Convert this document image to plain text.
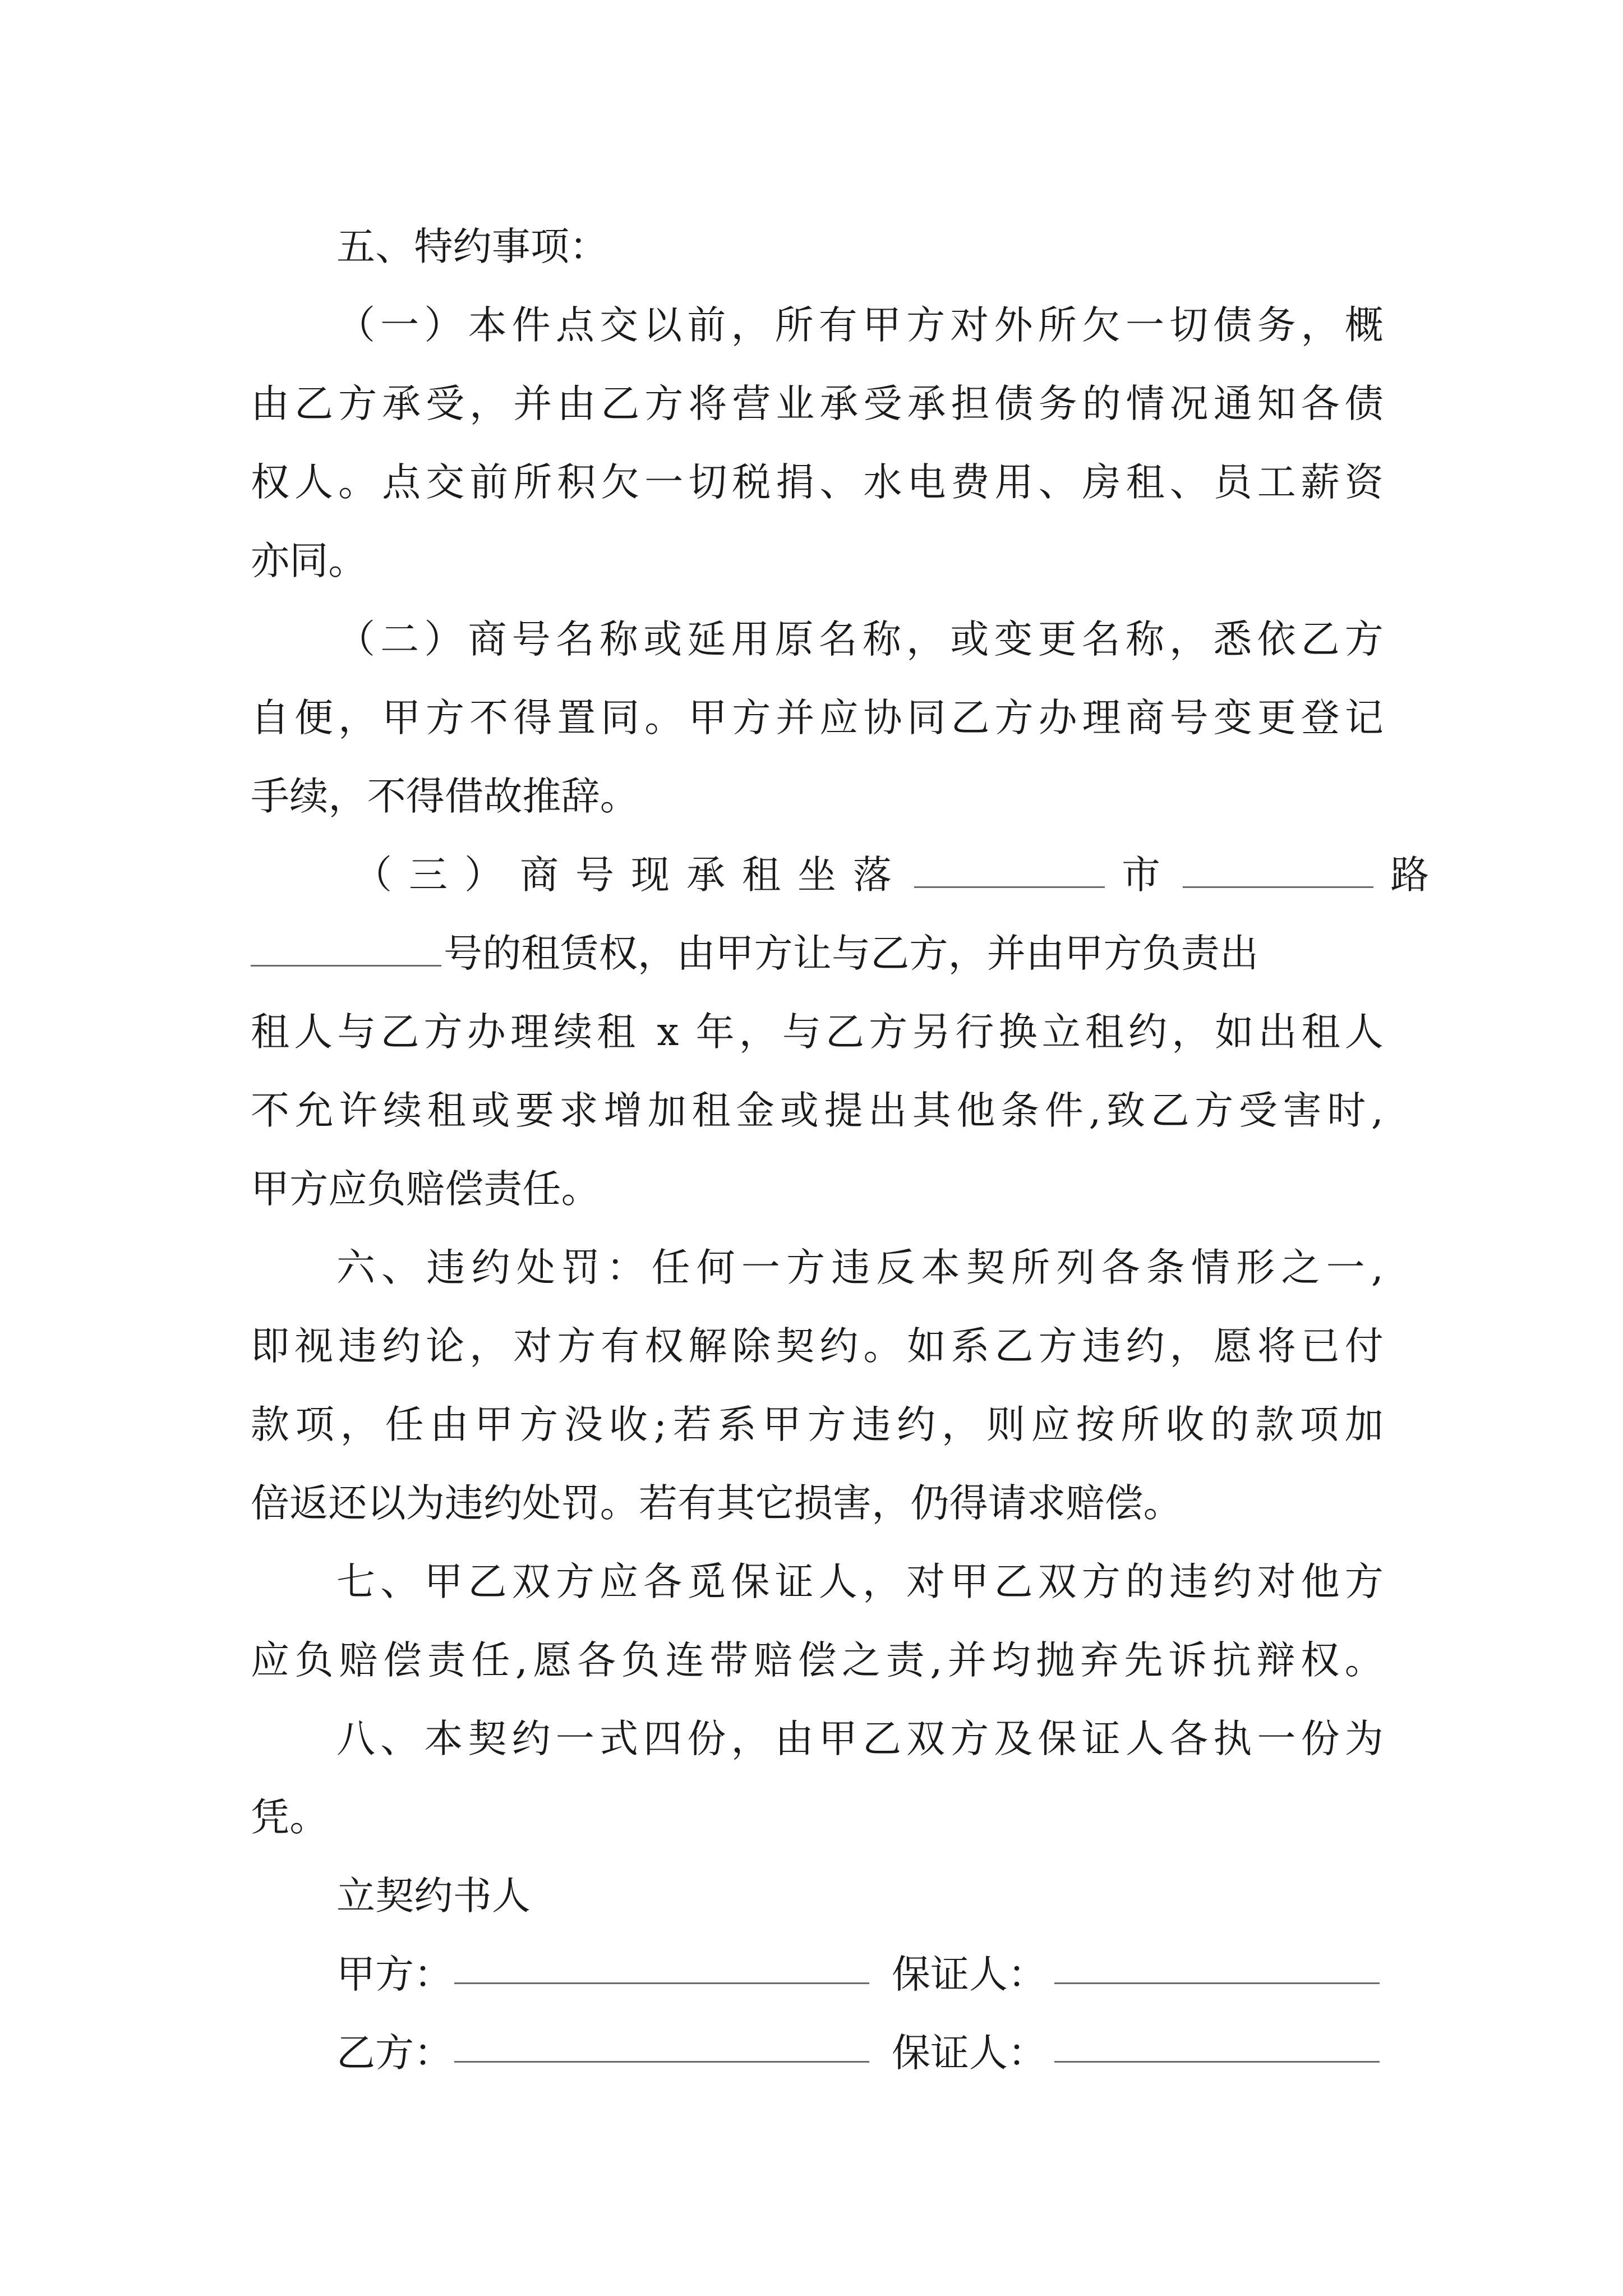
五、特约事项：
（一）本件点交以前，所有甲方对外所欠一切债务，概
由乙方承受，并由乙方将营业承受承担债务的情况通知各债
权人。点交前所积欠一切税捐、水电费用、房租、员工薪资
亦同。
（二）商号名称或延用原名称，或变更名称，悉依乙方
自便，甲方不得置同。甲方并应协同乙方办理商号变更登记
手续，不得借故推辞。
（三）商号现承租坐落	市	路
号的租赁权，由甲方让与乙方，并由甲方负责出
租人与乙方办理续租 x 年，与乙方另行换立租约，如出租人
不允许续租或要求增加租金或提出其他条件,致乙方受害时,
甲方应负赔偿责任。
六、违约处罚：任何一方违反本契所列各条情形之一,
即视违约论，对方有权解除契约。如系乙方违约，愿将已付
款项，任由甲方没收;若系甲方违约，则应按所收的款项加
倍返还以为违约处罚。若有其它损害，仍得请求赔偿。
七、甲乙双方应各觅保证人，对甲乙双方的违约对他方
应负赔偿责任,愿各负连带赔偿之责,并均抛弃先诉抗辩权。
八、本契约一式四份，由甲乙双方及保证人各执一份为
凭。
立契约书人
甲方：	保证人：
乙方：	保证人：
